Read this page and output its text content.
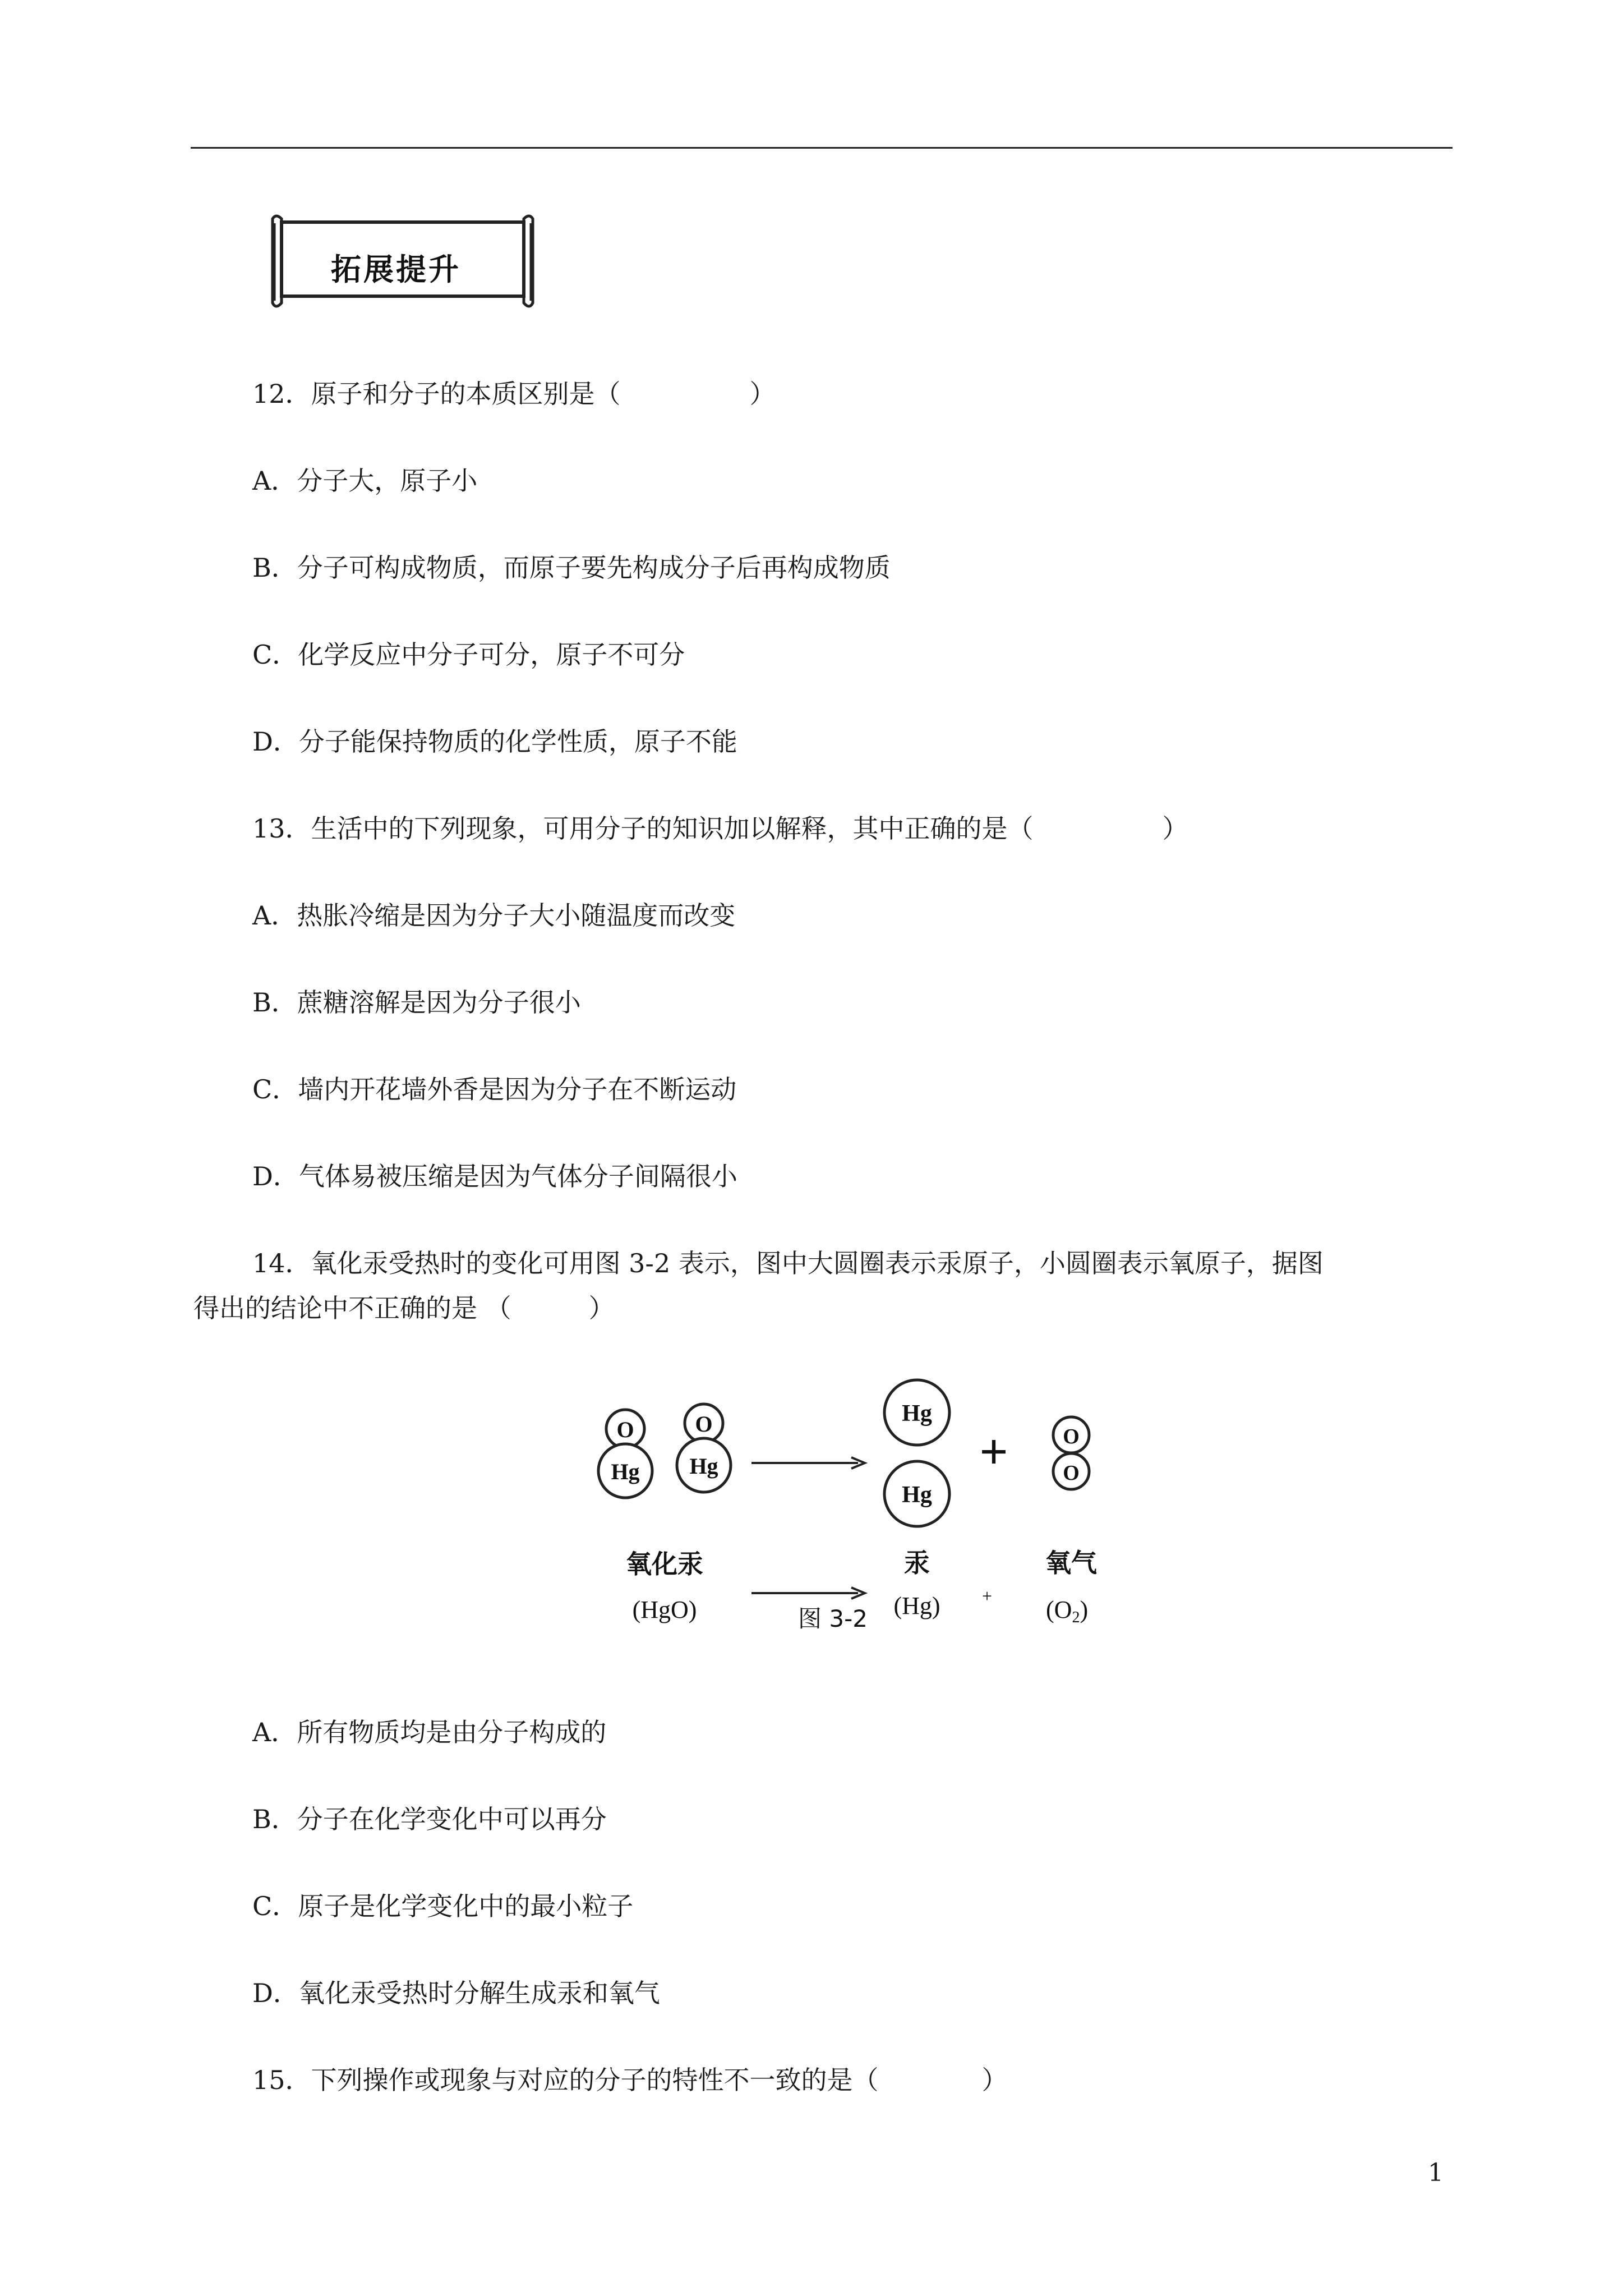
拓展提升
12．原子和分子的本质区别是（　　　　　）
A．分子大，原子小
B．分子可构成物质，而原子要先构成分子后再构成物质
C．化学反应中分子可分，原子不可分
D．分子能保持物质的化学性质，原子不能
13．生活中的下列现象，可用分子的知识加以解释，其中正确的是（　　　　　）
A．热胀冷缩是因为分子大小随温度而改变
B．蔗糖溶解是因为分子很小
C．墙内开花墙外香是因为分子在不断运动
D．气体易被压缩是因为气体分子间隔很小
14．氧化汞受热时的变化可用图 3-2 表示，图中大圆圈表示汞原子，小圆圈表示氧原子，据图
得出的结论中不正确的是 （　　　）
O
Hg
O
Hg
Hg
Hg
O
O
+
氧化汞
(HgO)
汞
(Hg) +
氧气
图 3-2	(O2)
A．所有物质均是由分子构成的
B．分子在化学变化中可以再分
C．原子是化学变化中的最小粒子
D．氧化汞受热时分解生成汞和氧气
15．下列操作或现象与对应的分子的特性不一致的是（　　　　）
1
